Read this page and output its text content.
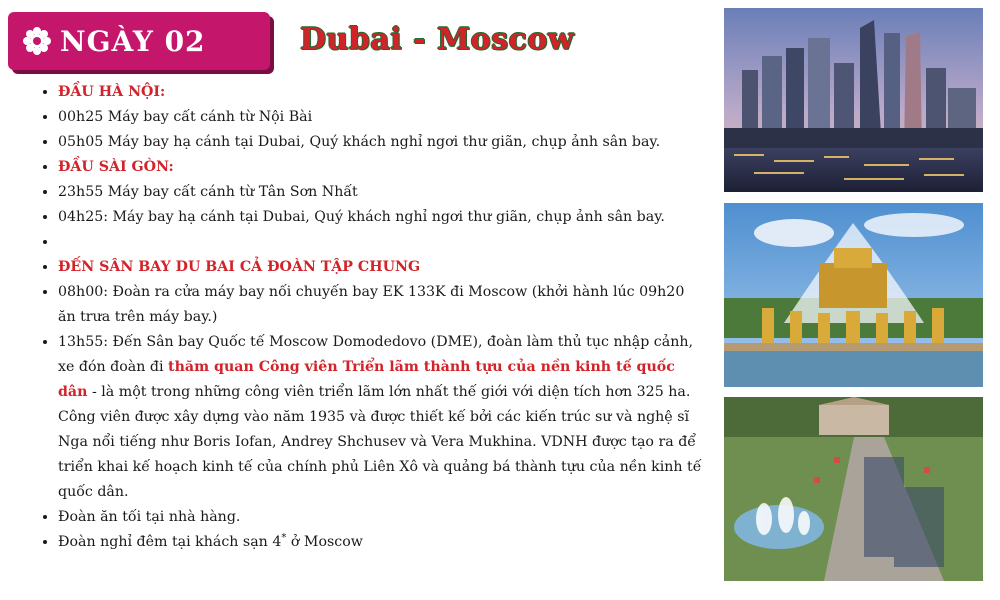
NGÀY 02	Dubai - Moscow
• ĐẦU HÀ NỘI:
• 00h25 Máy bay cất cánh từ Nội Bài
• 05h05 Máy bay hạ cánh tại Dubai, Quý khách nghỉ ngơi thư giãn, chụp ảnh sân bay.
• ĐẦU SÀI GÒN:
• 23h55 Máy bay cất cánh từ Tân Sơn Nhất
• 04h25: Máy bay hạ cánh tại Dubai, Quý khách nghỉ ngơi thư giãn, chụp ảnh sân bay.
•
• ĐẾN SÂN BAY DU BAI CẢ ĐOÀN TẬP CHUNG
• 08h00: Đoàn ra cửa máy bay nối chuyến bay EK 133K đi Moscow (khởi hành lúc 09h20 ăn trưa trên máy bay.)
• 13h55: Đến Sân bay Quốc tế Moscow Domodedovo (DME), đoàn làm thủ tục nhập cảnh, xe đón đoàn đi thăm quan Công viên Triển lãm thành tựu của nền kinh tế quốc dân - là một trong những công viên triển lãm lớn nhất thế giới với diện tích hơn 325 ha. Công viên được xây dựng vào năm 1935 và được thiết kế bởi các kiến trúc sư và nghệ sĩ Nga nổi tiếng như Boris Iofan, Andrey Shchusev và Vera Mukhina. VDNH được tạo ra để triển khai kế hoạch kinh tế của chính phủ Liên Xô và quảng bá thành tựu của nền kinh tế quốc dân.
• Đoàn ăn tối tại nhà hàng.
• Đoàn nghỉ đêm tại khách sạn 4* ở Moscow
